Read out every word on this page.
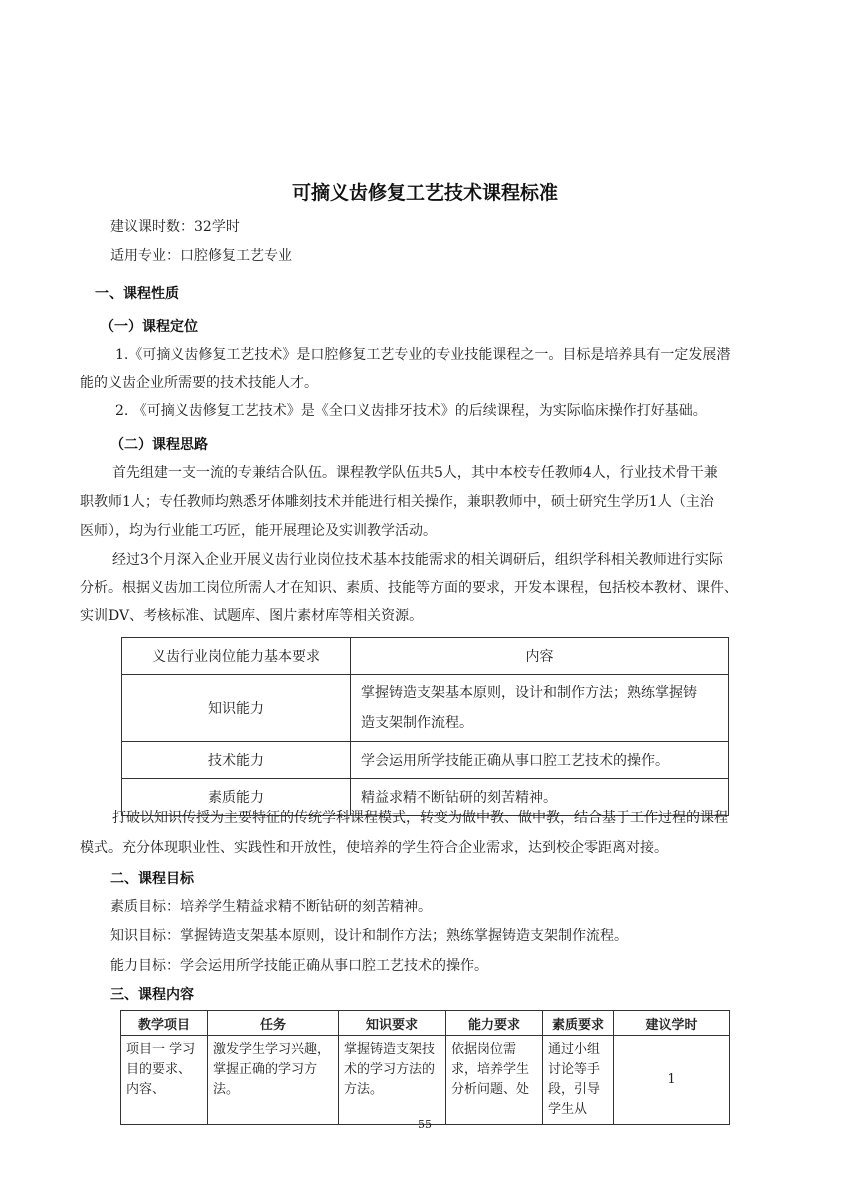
可摘义齿修复工艺技术课程标准
建议课时数：32学时
适用专业：口腔修复工艺专业
一、课程性质
（一）课程定位
1.《可摘义齿修复工艺技术》是口腔修复工艺专业的专业技能课程之一。目标是培养具有一定发展潜
能的义齿企业所需要的技术技能人才。
2. 《可摘义齿修复工艺技术》是《全口义齿排牙技术》的后续课程，为实际临床操作打好基础。
（二）课程思路
首先组建一支一流的专兼结合队伍。课程教学队伍共5人，其中本校专任教师4人，行业技术骨干兼
职教师1人；专任教师均熟悉牙体雕刻技术并能进行相关操作，兼职教师中，硕士研究生学历1人（主治
医师），均为行业能工巧匠，能开展理论及实训教学活动。
经过3个月深入企业开展义齿行业岗位技术基本技能需求的相关调研后，组织学科相关教师进行实际
分析。根据义齿加工岗位所需人才在知识、素质、技能等方面的要求，开发本课程，包括校本教材、课件、
实训DV、考核标准、试题库、图片素材库等相关资源。
义齿行业岗位能力基本要求	内容
知识能力	掌握铸造支架基本原则，设计和制作方法；熟练掌握铸
造支架制作流程。

技术能力	学会运用所学技能正确从事口腔工艺技术的操作。
素质能力	精益求精不断钻研的刻苦精神。
打破以知识传授为主要特征的传统学科课程模式，转变为做中教、做中教，结合基于工作过程的课程
模式。充分体现职业性、实践性和开放性，使培养的学生符合企业需求，达到校企零距离对接。
二、课程目标
素质目标：培养学生精益求精不断钻研的刻苦精神。
知识目标：掌握铸造支架基本原则，设计和制作方法；熟练掌握铸造支架制作流程。
能力目标：学会运用所学技能正确从事口腔工艺技术的操作。
三、课程内容
教学项目	任务	知识要求	能力要求	素质要求	建议学时
项目一 学习目的要求、内容、	激发学生学习兴趣，掌握正确的学习方法。	掌握铸造支架技术的学习方法的方法。	依据岗位需求，培养学生分析问题、处	通过小组讨论等手段，引导学生从	1
55
